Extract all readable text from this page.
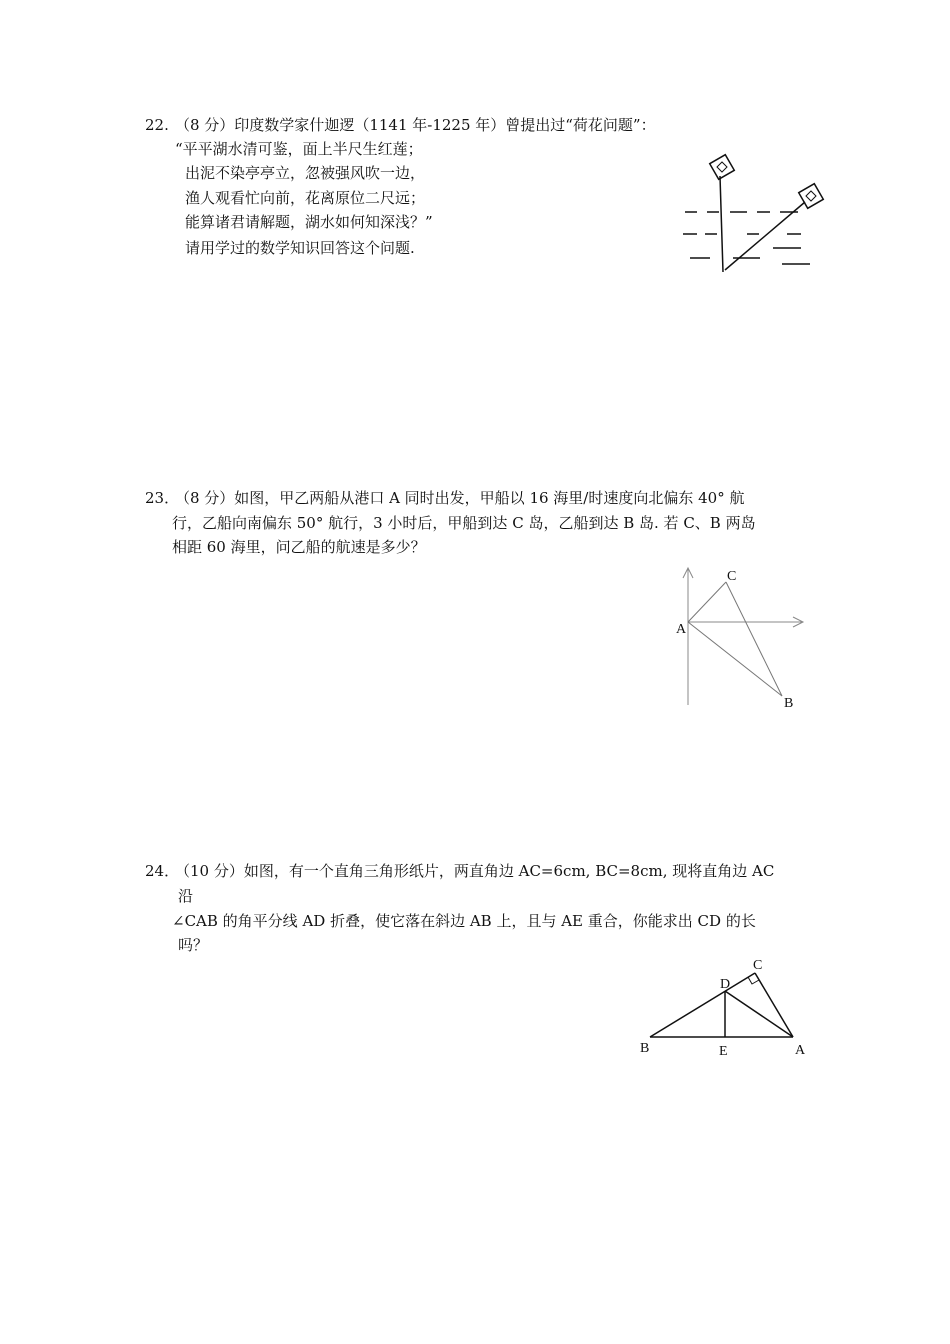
22. （8 分）印度数学家什迦逻（1141 年-1225 年）曾提出过“荷花问题”：
“平平湖水清可鉴，面上半尺生红莲；
出泥不染亭亭立，忽被强风吹一边，
渔人观看忙向前，花离原位二尺远；
能算诸君请解题，湖水如何知深浅？”
请用学过的数学知识回答这个问题.
23．
（8 分）如图，甲乙两船从港口 A 同时出发，甲船以 16 海里/时速度向北偏东 40° 航
行，乙船向南偏东 50° 航行，3 小时后，甲船到达 C 岛，乙船到达 B 岛. 若 C、B 两岛
相距 60 海里，问乙船的航速是多少？
C
A
B
24．
（10 分）如图，有一个直角三角形纸片，两直角边 AC=6cm, BC=8cm, 现将直角边 AC
沿
∠CAB 的角平分线 AD 折叠，使它落在斜边 AB 上，且与 AE 重合，你能求出 CD 的长
吗？
B	E	A
D
C
